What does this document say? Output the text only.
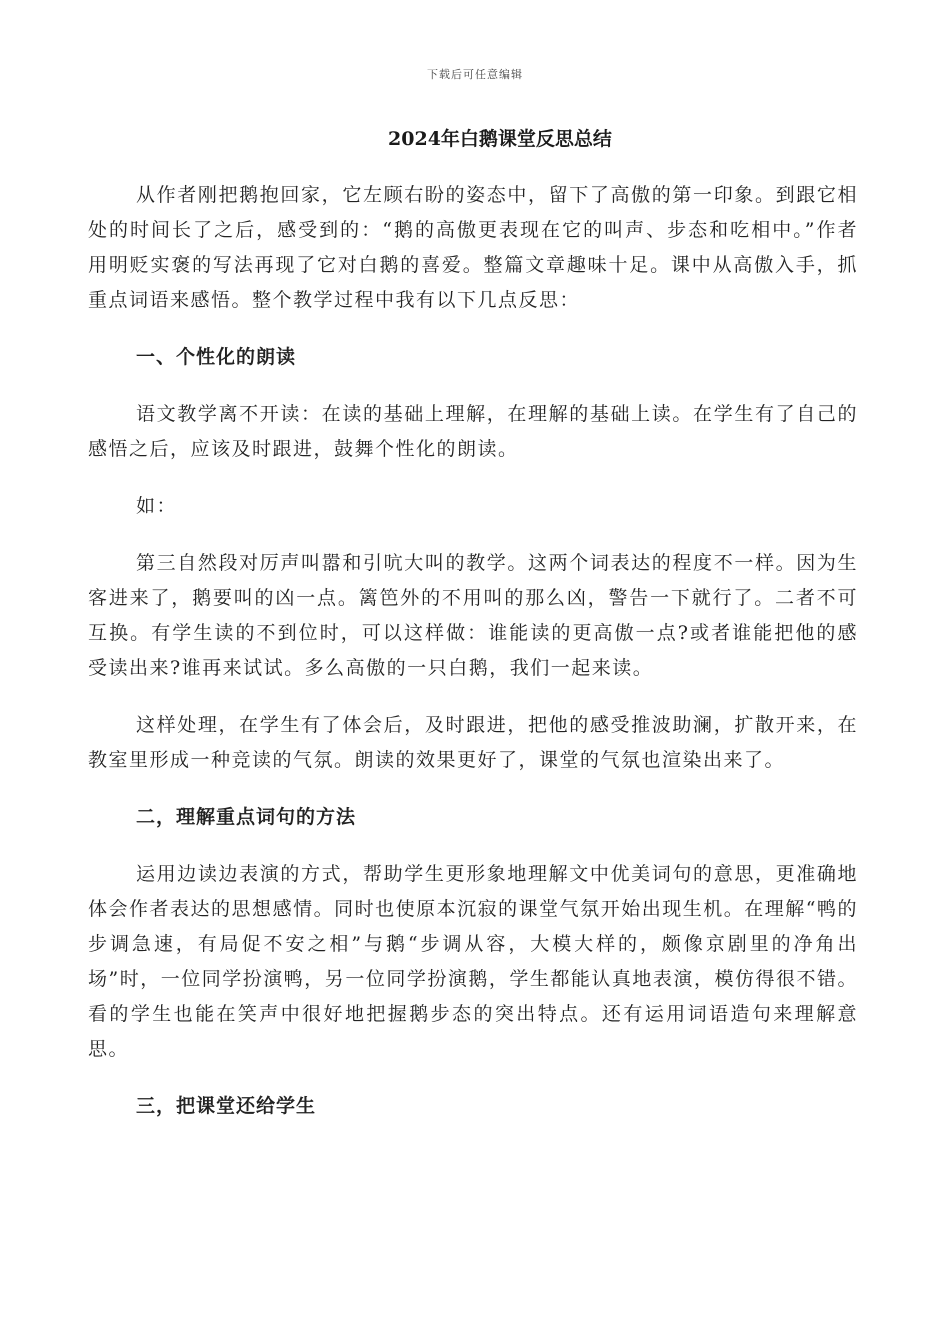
下载后可任意编辑
2024年白鹅课堂反思总结

从作者刚把鹅抱回家，它左顾右盼的姿态中，留下了高傲的第一印象。到跟它相处的时间长了之后，感受到的：“鹅的高傲更表现在它的叫声、步态和吃相中。”作者用明贬实褒的写法再现了它对白鹅的喜爱。整篇文章趣味十足。课中从高傲入手，抓重点词语来感悟。整个教学过程中我有以下几点反思：

一、个性化的朗读

语文教学离不开读：在读的基础上理解，在理解的基础上读。在学生有了自己的感悟之后，应该及时跟进，鼓舞个性化的朗读。

如：

第三自然段对厉声叫嚣和引吭大叫的教学。这两个词表达的程度不一样。因为生客进来了，鹅要叫的凶一点。篱笆外的不用叫的那么凶，警告一下就行了。二者不可互换。有学生读的不到位时，可以这样做：谁能读的更高傲一点?或者谁能把他的感受读出来?谁再来试试。多么高傲的一只白鹅，我们一起来读。

这样处理，在学生有了体会后，及时跟进，把他的感受推波助澜，扩散开来，在教室里形成一种竞读的气氛。朗读的效果更好了，课堂的气氛也渲染出来了。

二，理解重点词句的方法

运用边读边表演的方式，帮助学生更形象地理解文中优美词句的意思，更准确地体会作者表达的思想感情。同时也使原本沉寂的课堂气氛开始出现生机。在理解“鸭的步调急速，有局促不安之相”与鹅“步调从容，大模大样的，颇像京剧里的净角出场”时，一位同学扮演鸭，另一位同学扮演鹅，学生都能认真地表演，模仿得很不错。看的学生也能在笑声中很好地把握鹅步态的突出特点。还有运用词语造句来理解意思。

三，把课堂还给学生
